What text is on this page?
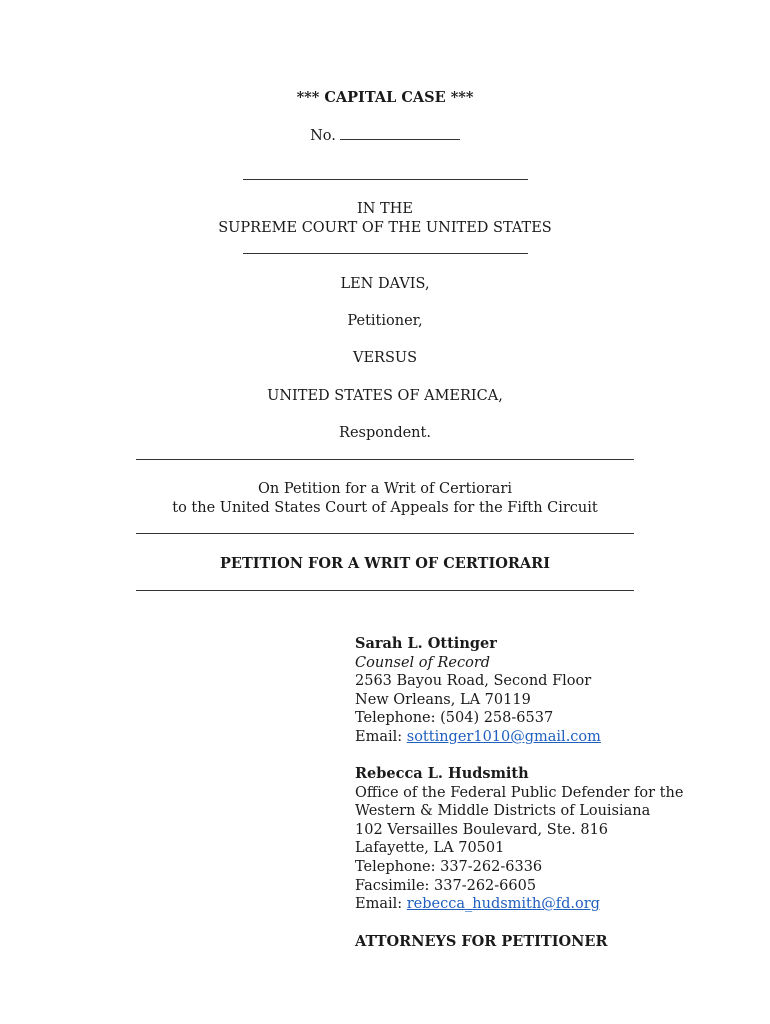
*** CAPITAL CASE ***
No.
IN THE
SUPREME COURT OF THE UNITED STATES
LEN DAVIS,
Petitioner,
VERSUS
UNITED STATES OF AMERICA,
Respondent.
On Petition for a Writ of Certiorari
to the United States Court of Appeals for the Fifth Circuit
PETITION FOR A WRIT OF CERTIORARI
Sarah L. Ottinger
Counsel of Record
2563 Bayou Road, Second Floor
New Orleans, LA 70119
Telephone: (504) 258-6537
Email: sottinger1010@gmail.com
Rebecca L. Hudsmith
Office of the Federal Public Defender for the
Western & Middle Districts of Louisiana
102 Versailles Boulevard, Ste. 816
Lafayette, LA 70501
Telephone: 337-262-6336
Facsimile: 337-262-6605
Email: rebecca_hudsmith@fd.org
ATTORNEYS FOR PETITIONER
